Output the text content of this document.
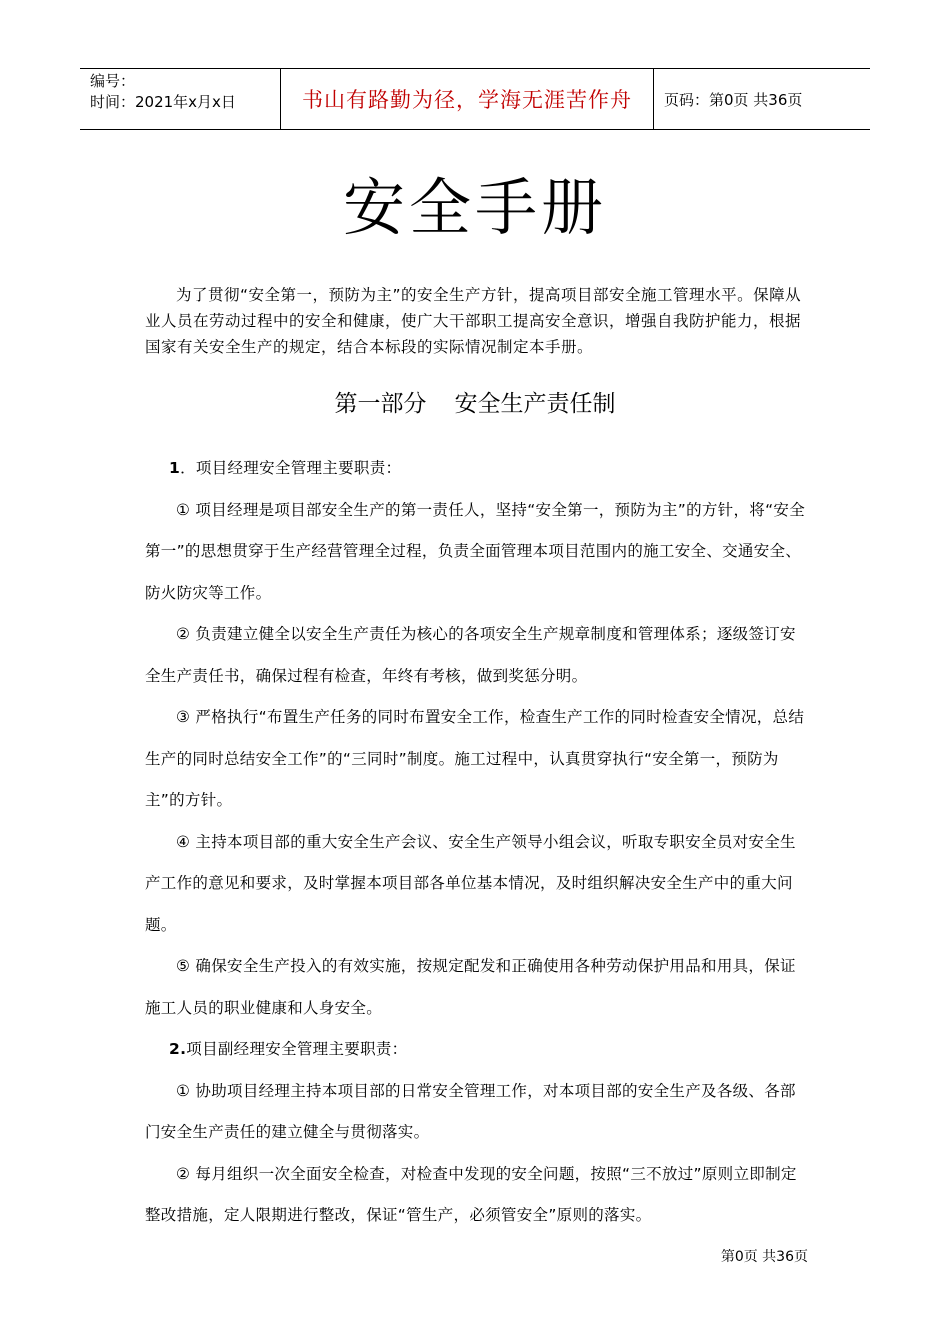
编号：
时间：2021年x月x日	书山有路勤为径，学海无涯苦作舟	页码：第0页 共36页
安全手册
为了贯彻“安全第一，预防为主”的安全生产方针，提高项目部安全施工管理水平。保障从业人员在劳动过程中的安全和健康，使广大干部职工提高安全意识，增强自我防护能力，根据国家有关安全生产的规定，结合本标段的实际情况制定本手册。
第一部分 安全生产责任制

1．项目经理安全管理主要职责：

① 项目经理是项目部安全生产的第一责任人，坚持“安全第一，预防为主”的方针，将“安全第一”的思想贯穿于生产经营管理全过程，负责全面管理本项目范围内的施工安全、交通安全、防火防灾等工作。

② 负责建立健全以安全生产责任为核心的各项安全生产规章制度和管理体系；逐级签订安全生产责任书，确保过程有检查，年终有考核，做到奖惩分明。

③ 严格执行“布置生产任务的同时布置安全工作，检查生产工作的同时检查安全情况，总结生产的同时总结安全工作”的“三同时”制度。施工过程中，认真贯穿执行“安全第一，预防为主”的方针。

④ 主持本项目部的重大安全生产会议、安全生产领导小组会议，听取专职安全员对安全生产工作的意见和要求，及时掌握本项目部各单位基本情况，及时组织解决安全生产中的重大问题。

⑤ 确保安全生产投入的有效实施，按规定配发和正确使用各种劳动保护用品和用具，保证施工人员的职业健康和人身安全。

2.项目副经理安全管理主要职责：

① 协助项目经理主持本项目部的日常安全管理工作，对本项目部的安全生产及各级、各部门安全生产责任的建立健全与贯彻落实。

② 每月组织一次全面安全检查，对检查中发现的安全问题，按照“三不放过”原则立即制定整改措施，定人限期进行整改，保证“管生产，必须管安全”原则的落实。

第0页 共36页
